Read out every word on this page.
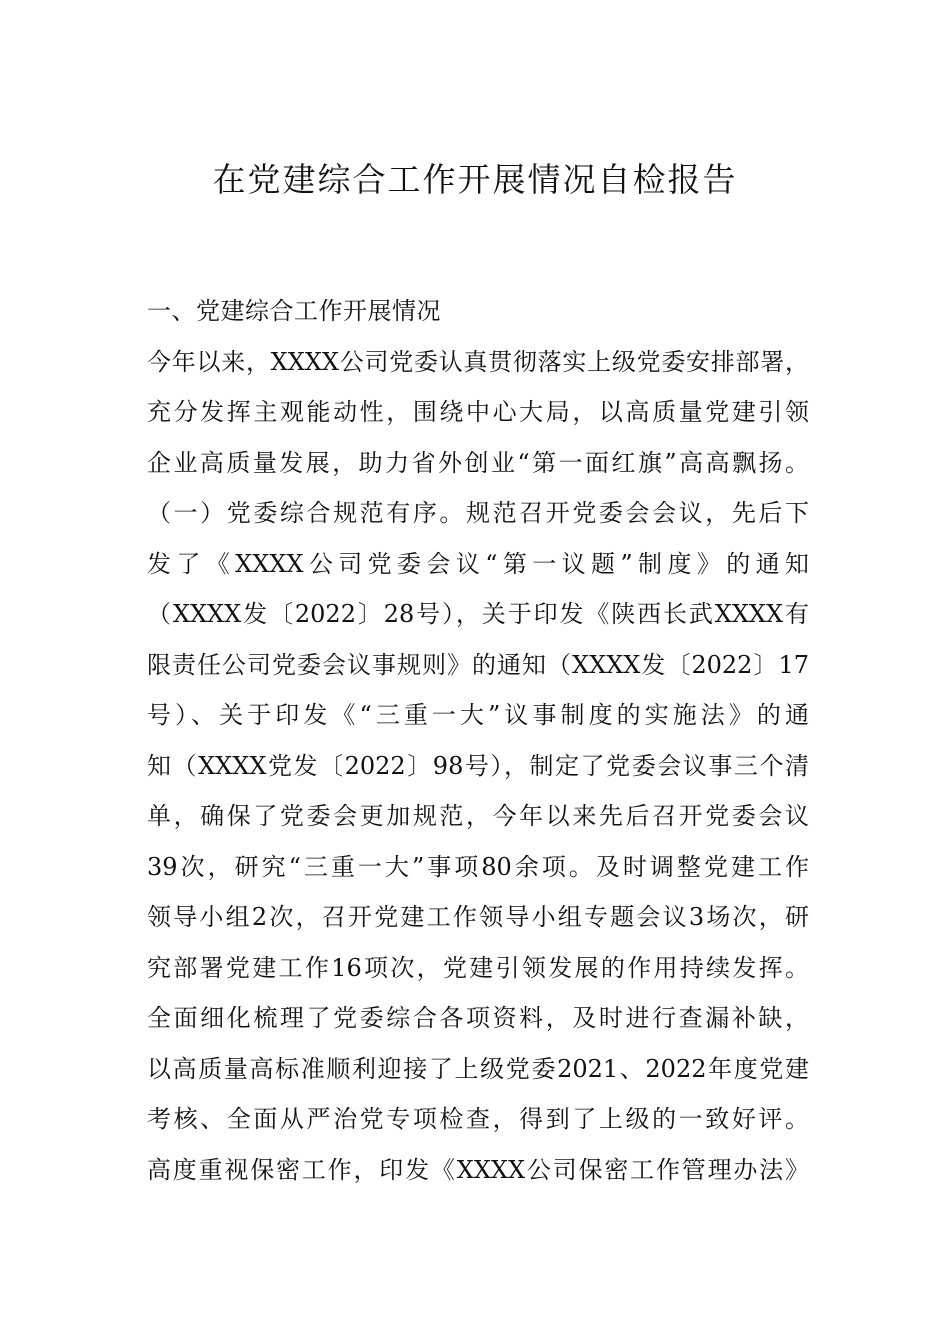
在党建综合工作开展情况自检报告
一、党建综合工作开展情况
今年以来，XXXX公司党委认真贯彻落实上级党委安排部署，
充分发挥主观能动性，围绕中心大局，以高质量党建引领
企业高质量发展，助力省外创业“第一面红旗”高高飘扬。
（一）党委综合规范有序。规范召开党委会会议，先后下
发了《XXXX公司党委会议“第一议题”制度》的通知
（XXXX发〔2022〕28号），关于印发《陕西长武XXXX有
限责任公司党委会议事规则》的通知（XXXX发〔2022〕17
号）、关于印发《“三重一大”议事制度的实施法》的通
知（XXXX党发〔2022〕98号），制定了党委会议事三个清
单，确保了党委会更加规范，今年以来先后召开党委会议
39次，研究“三重一大”事项80余项。及时调整党建工作
领导小组2次，召开党建工作领导小组专题会议3场次，研
究部署党建工作16项次，党建引领发展的作用持续发挥。
全面细化梳理了党委综合各项资料，及时进行查漏补缺，
以高质量高标准顺利迎接了上级党委2021、2022年度党建
考核、全面从严治党专项检查，得到了上级的一致好评。
高度重视保密工作，印发《XXXX公司保密工作管理办法》
